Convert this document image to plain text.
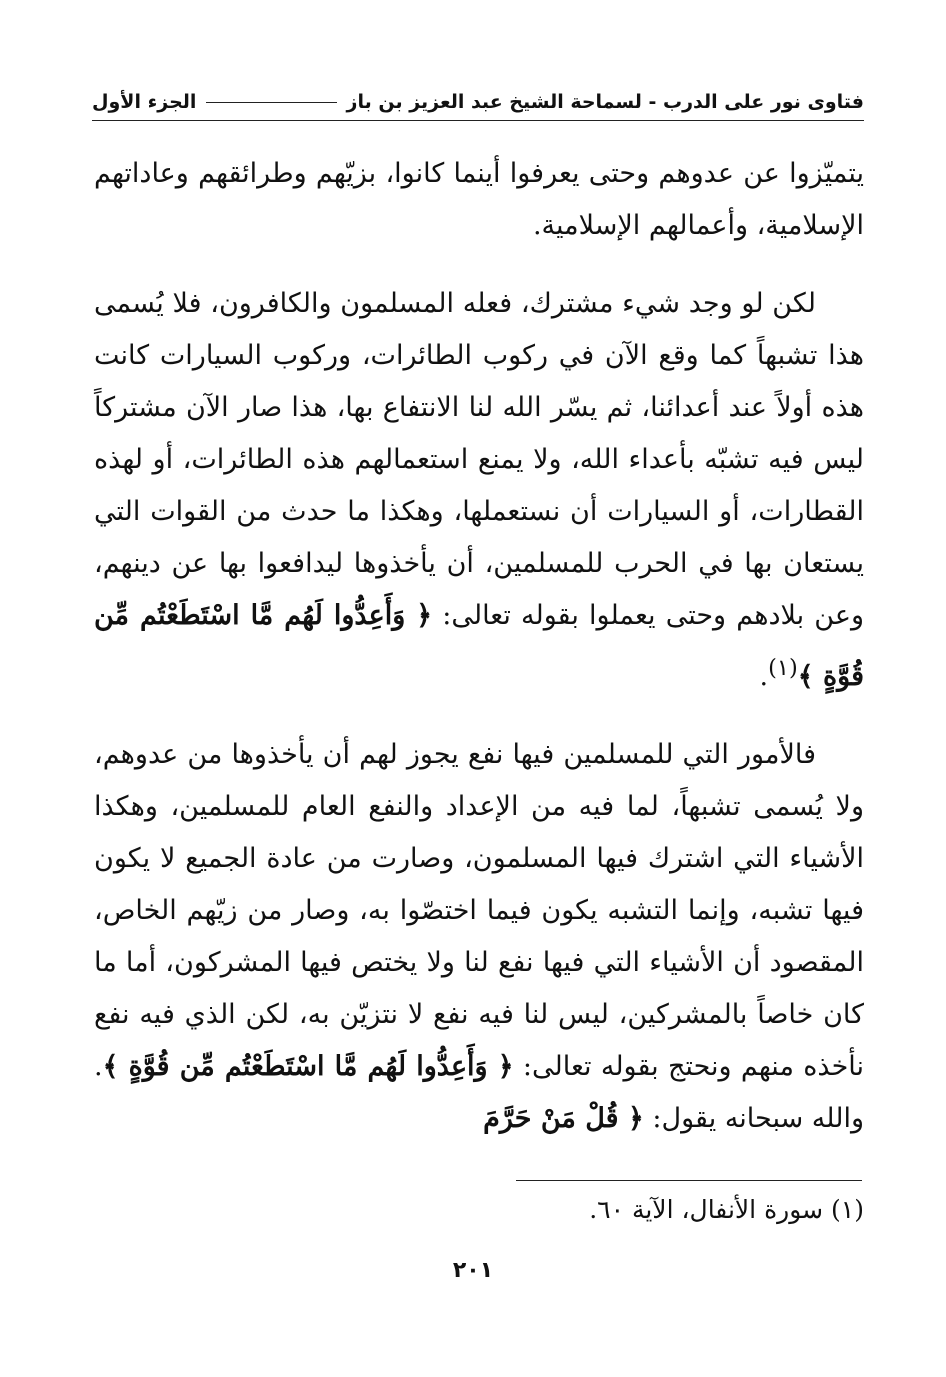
فتاوى نور على الدرب - لسماحة الشيخ عبد العزيز بن باز
الجزء الأول

يتميّزوا عن عدوهم وحتى يعرفوا أينما كانوا، بزيّهم وطرائقهم وعاداتهم الإسلامية، وأعمالهم الإسلامية.

لكن لو وجد شيء مشترك، فعله المسلمون والكافرون، فلا يُسمى هذا تشبهاً كما وقع الآن في ركوب الطائرات، وركوب السيارات كانت هذه أولاً عند أعدائنا، ثم يسّر الله لنا الانتفاع بها، هذا صار الآن مشتركاً ليس فيه تشبّه بأعداء الله، ولا يمنع استعمالهم هذه الطائرات، أو لهذه القطارات، أو السيارات أن نستعملها، وهكذا ما حدث من القوات التي يستعان بها في الحرب للمسلمين، أن يأخذوها ليدافعوا بها عن دينهم، وعن بلادهم وحتى يعملوا بقوله تعالى: ﴿ وَأَعِدُّوا لَهُم مَّا اسْتَطَعْتُم مِّن قُوَّةٍ ﴾$^{(١)}$.

فالأمور التي للمسلمين فيها نفع يجوز لهم أن يأخذوها من عدوهم، ولا يُسمى تشبهاً، لما فيه من الإعداد والنفع العام للمسلمين، وهكذا الأشياء التي اشترك فيها المسلمون، وصارت من عادة الجميع لا يكون فيها تشبه، وإنما التشبه يكون فيما اختصّوا به، وصار من زيّهم الخاص، المقصود أن الأشياء التي فيها نفع لنا ولا يختص فيها المشركون، أما ما كان خاصاً بالمشركين، ليس لنا فيه نفع لا نتزيّن به، لكن الذي فيه نفع نأخذه منهم ونحتج بقوله تعالى: ﴿ وَأَعِدُّوا لَهُم مَّا اسْتَطَعْتُم مِّن قُوَّةٍ ﴾. والله سبحانه يقول: ﴿ قُلْ مَنْ حَرَّمَ

(١) سورة الأنفال، الآية ٦٠.
٢٠١
